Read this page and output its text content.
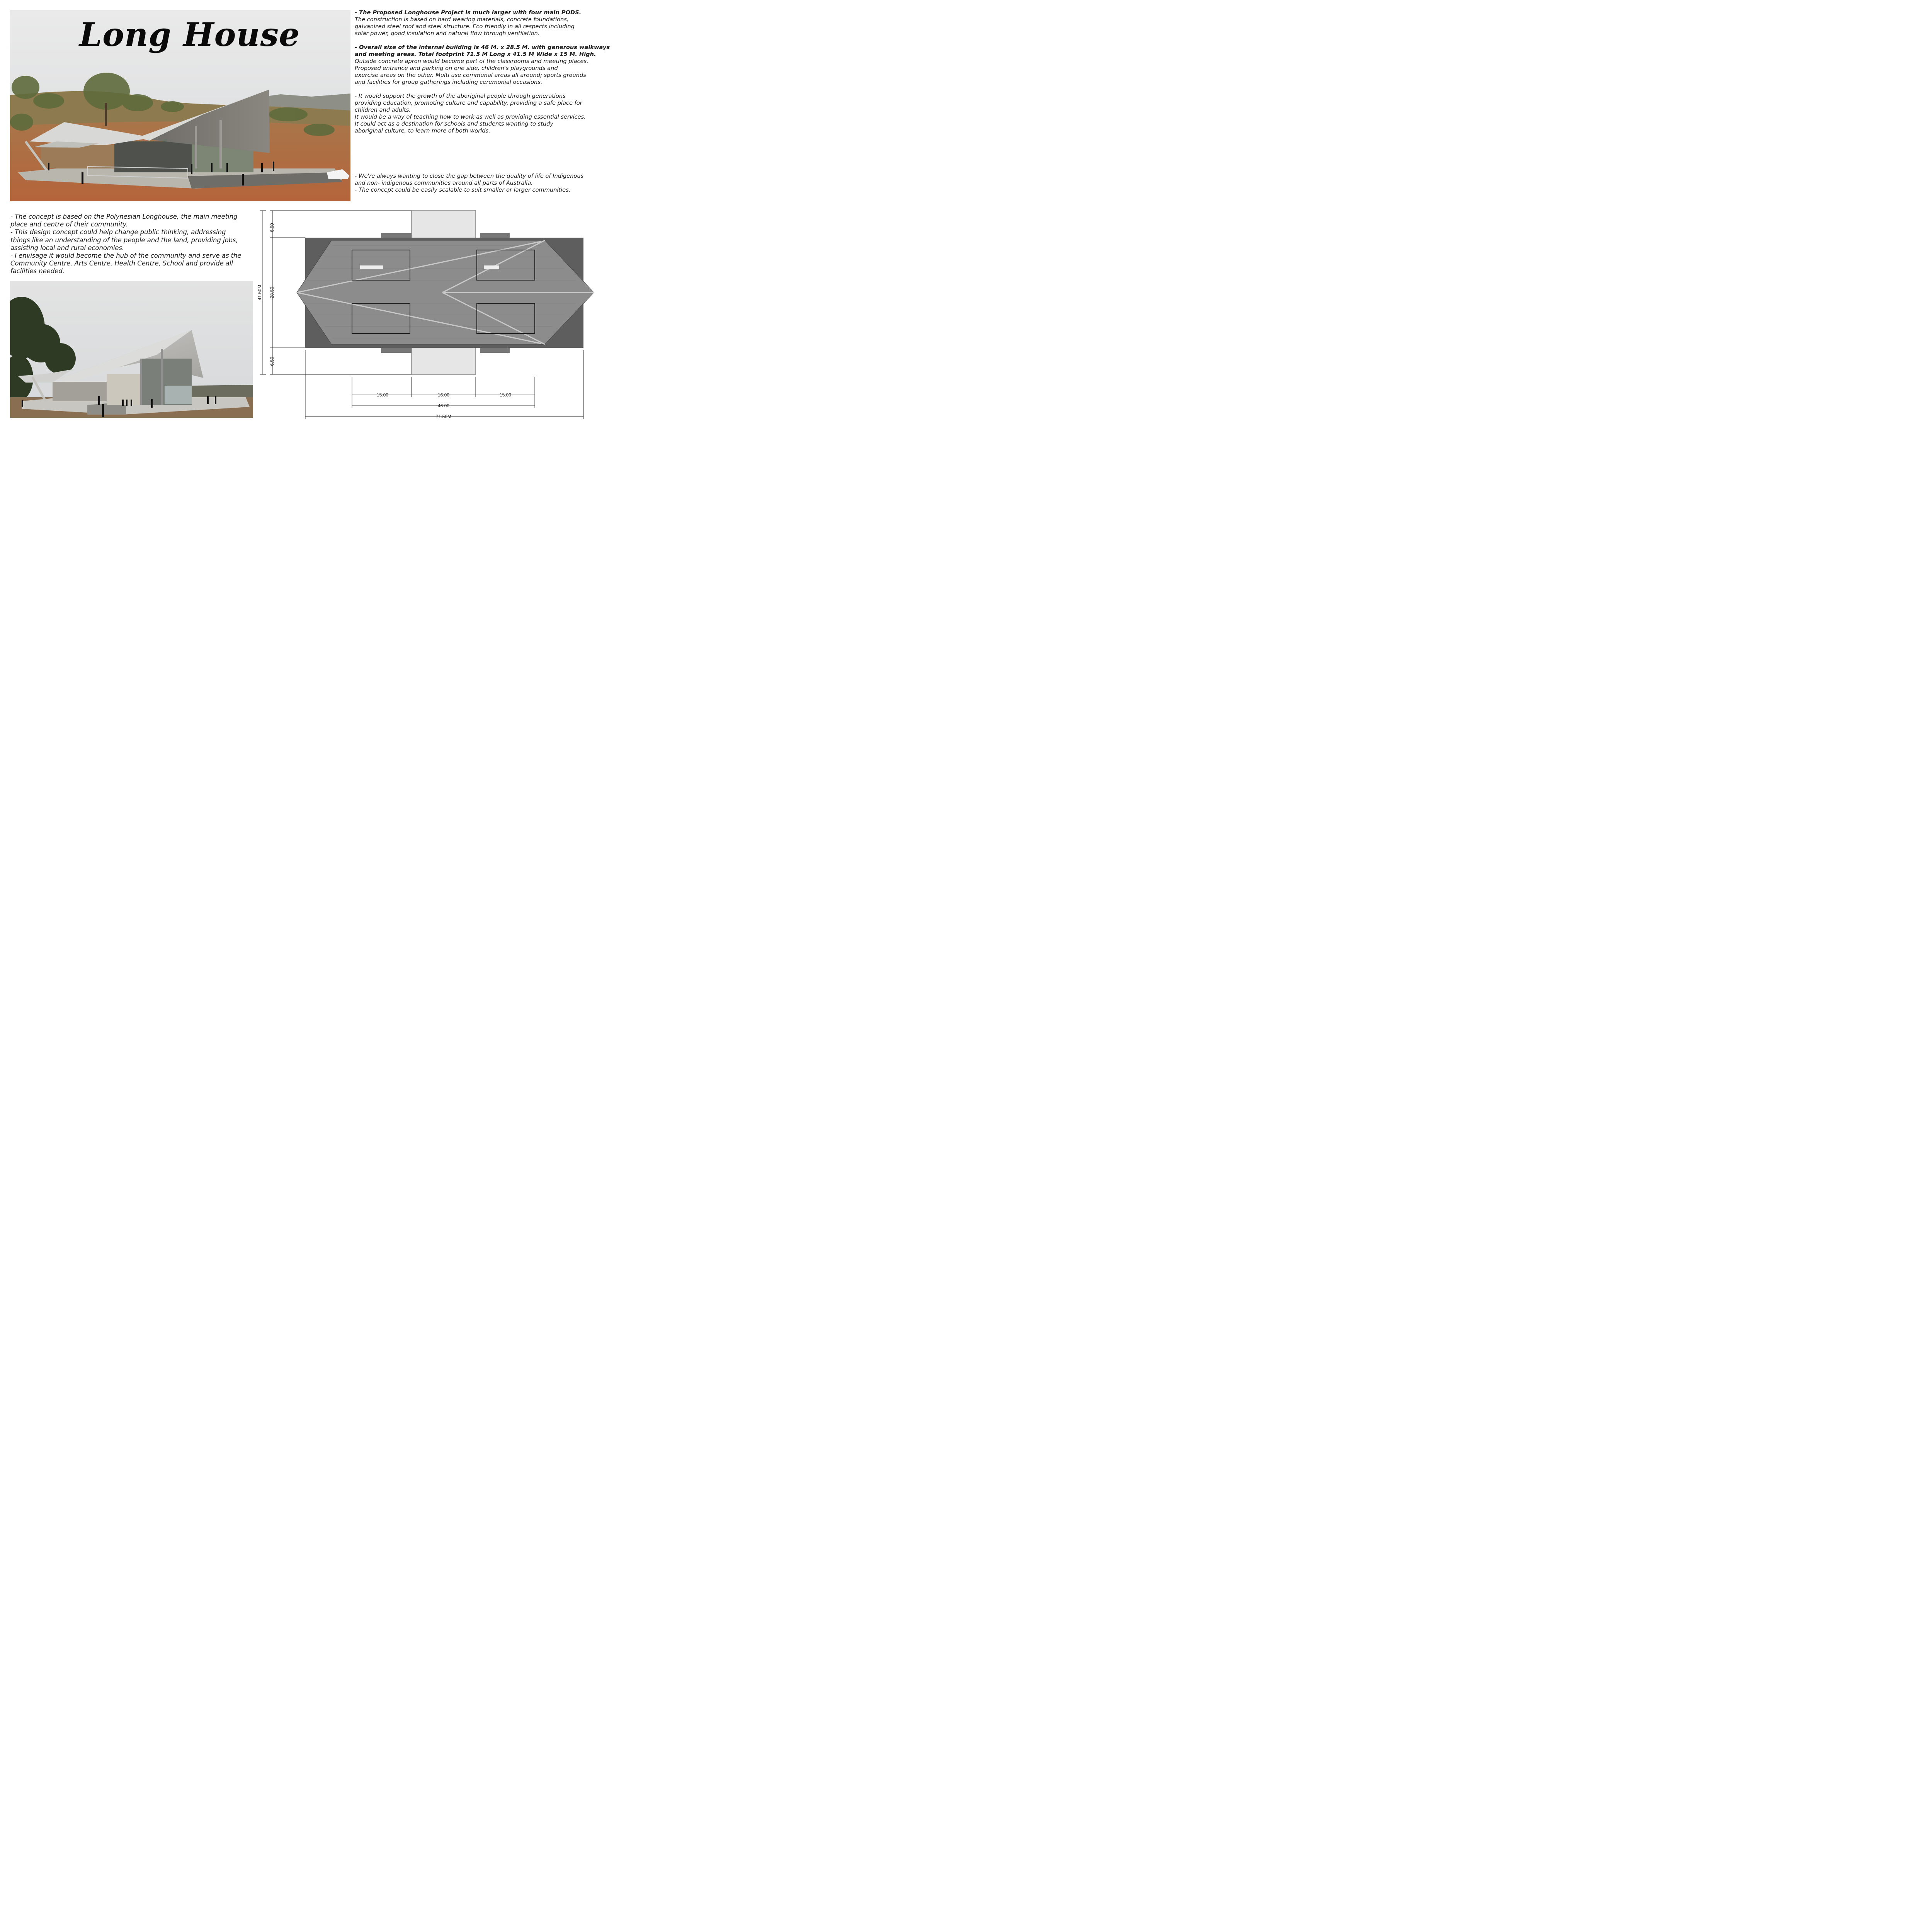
Long House
- The Proposed Longhouse Project is much larger with four main PODS.
The construction is based on hard wearing materials, concrete foundations,
galvanized steel roof and steel structure. Eco friendly in all respects including
solar power, good insulation and natural flow through ventilation.

- Overall size of the internal building is 46 M. x 28.5 M. with generous walkways
and meeting areas. Total footprint 71.5 M Long x 41.5 M Wide x 15 M. High.
Outside concrete apron would become part of the classrooms and meeting places.
Proposed entrance and parking on one side, children's playgrounds and
exercise areas on the other. Multi use communal areas all around; sports grounds
and facilities for group gatherings including ceremonial occasions.

- It would support the growth of the aboriginal people through generations
providing education, promoting culture and capability, providing a safe place for
children and adults.
It would be a way of teaching how to work as well as providing essential services.
It could act as a destination for schools and students wanting to study
aboriginal culture, to learn more of both worlds.
- We're always wanting to close the gap between the quality of life of Indigenous
and non- indigenous communities around all parts of Australia.
- The concept could be easily scalable to suit smaller or larger communities.
- The concept is based on the Polynesian Longhouse, the main meeting
place and centre of their community.
- This design concept could help change public thinking, addressing
things like an understanding of the people and the land, providing jobs,
assisting local and rural economies.
- I envisage it would become the hub of the community and serve as the
Community Centre, Arts Centre, Health Centre, School and provide all
facilities needed.
6.50
41.50M 28.50
6.50
15.00	16.00	15.00
46.00
71.50M
